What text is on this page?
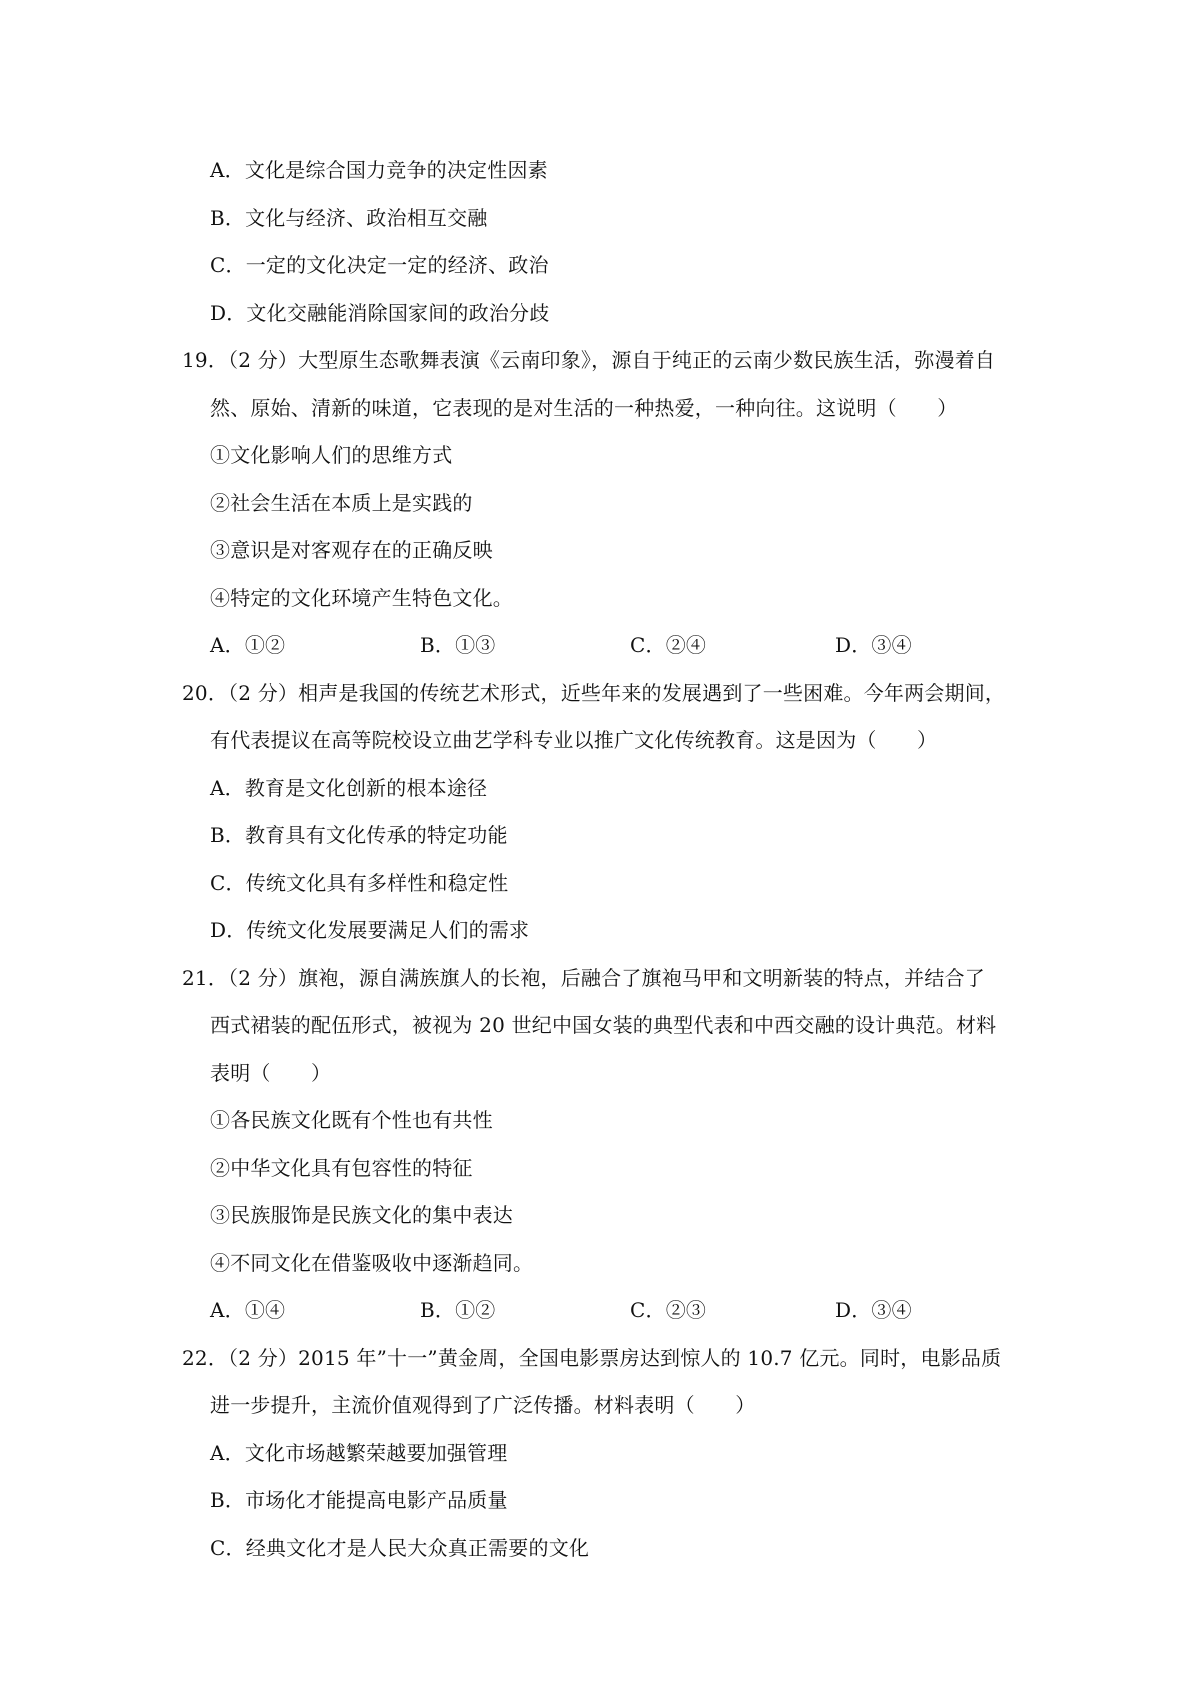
A．文化是综合国力竞争的决定性因素
B．文化与经济、政治相互交融
C．一定的文化决定一定的经济、政治
D．文化交融能消除国家间的政治分歧
19．（2 分）大型原生态歌舞表演《云南印象》，源自于纯正的云南少数民族生活，弥漫着自
然、原始、清新的味道，它表现的是对生活的一种热爱，一种向往。这说明（　　）
①文化影响人们的思维方式
②社会生活在本质上是实践的
③意识是对客观存在的正确反映
④特定的文化环境产生特色文化。
A．①②	B．①③	C．②④	D．③④
20．（2 分）相声是我国的传统艺术形式，近些年来的发展遇到了一些困难。今年两会期间，
有代表提议在高等院校设立曲艺学科专业以推广文化传统教育。这是因为（　　）
A．教育是文化创新的根本途径
B．教育具有文化传承的特定功能
C．传统文化具有多样性和稳定性
D．传统文化发展要满足人们的需求
21．（2 分）旗袍，源自满族旗人的长袍，后融合了旗袍马甲和文明新装的特点，并结合了
西式裙装的配伍形式，被视为 20 世纪中国女装的典型代表和中西交融的设计典范。材料
表明（　　）
①各民族文化既有个性也有共性
②中华文化具有包容性的特征
③民族服饰是民族文化的集中表达
④不同文化在借鉴吸收中逐渐趋同。
A．①④	B．①②	C．②③	D．③④
22．（2 分）2015 年”十一”黄金周，全国电影票房达到惊人的 10.7 亿元。同时，电影品质
进一步提升，主流价值观得到了广泛传播。材料表明（　　）
A．文化市场越繁荣越要加强管理
B．市场化才能提高电影产品质量
C．经典文化才是人民大众真正需要的文化
